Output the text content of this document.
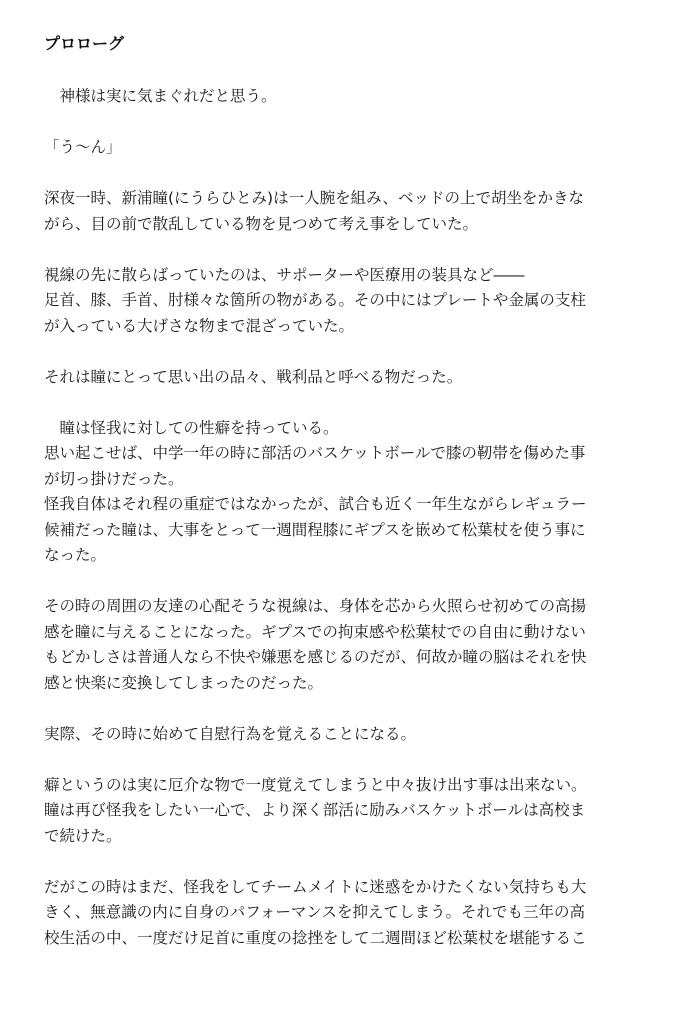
プロローグ
　神様は実に気まぐれだと思う。
「う～ん」
深夜一時、新浦瞳(にうらひとみ)は一人腕を組み、ベッドの上で胡坐をかきな
がら、目の前で散乱している物を見つめて考え事をしていた。
視線の先に散らばっていたのは、サポーターや医療用の装具など――
足首、膝、手首、肘様々な箇所の物がある。その中にはプレートや金属の支柱
が入っている大げさな物まで混ざっていた。
それは瞳にとって思い出の品々、戦利品と呼べる物だった。
　瞳は怪我に対しての性癖を持っている。
思い起こせば、中学一年の時に部活のバスケットボールで膝の靭帯を傷めた事
が切っ掛けだった。
怪我自体はそれ程の重症ではなかったが、試合も近く一年生ながらレギュラー
候補だった瞳は、大事をとって一週間程膝にギプスを嵌めて松葉杖を使う事に
なった。
その時の周囲の友達の心配そうな視線は、身体を芯から火照らせ初めての高揚
感を瞳に与えることになった。ギプスでの拘束感や松葉杖での自由に動けない
もどかしさは普通人なら不快や嫌悪を感じるのだが、何故か瞳の脳はそれを快
感と快楽に変換してしまったのだった。
実際、その時に始めて自慰行為を覚えることになる。
癖というのは実に厄介な物で一度覚えてしまうと中々抜け出す事は出来ない。
瞳は再び怪我をしたい一心で、より深く部活に励みバスケットボールは高校ま
で続けた。
だがこの時はまだ、怪我をしてチームメイトに迷惑をかけたくない気持ちも大
きく、無意識の内に自身のパフォーマンスを抑えてしまう。それでも三年の高
校生活の中、一度だけ足首に重度の捻挫をして二週間ほど松葉杖を堪能するこ
